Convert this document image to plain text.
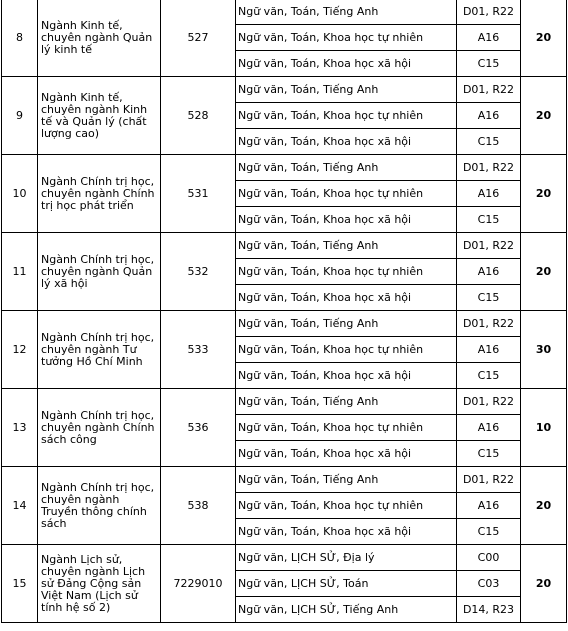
8	Ngành Kinh tế, chuyên ngành Quản lý kinh tế	527	Ngữ văn, Toán, Tiếng Anh	D01, R22	20
			Ngữ văn, Toán, Khoa học tự nhiên	A16	
			Ngữ văn, Toán, Khoa học xã hội	C15	
9	Ngành Kinh tế, chuyên ngành Kinh tế và Quản lý (chất lượng cao)	528	Ngữ văn, Toán, Tiếng Anh	D01, R22	20
			Ngữ văn, Toán, Khoa học tự nhiên	A16	
			Ngữ văn, Toán, Khoa học xã hội	C15	
10	Ngành Chính trị học, chuyên ngành Chính trị học phát triển	531	Ngữ văn, Toán, Tiếng Anh	D01, R22	20
			Ngữ văn, Toán, Khoa học tự nhiên	A16	
			Ngữ văn, Toán, Khoa học xã hội	C15	
11	Ngành Chính trị học, chuyên ngành Quản lý xã hội	532	Ngữ văn, Toán, Tiếng Anh	D01, R22	20
			Ngữ văn, Toán, Khoa học tự nhiên	A16	
			Ngữ văn, Toán, Khoa học xã hội	C15	
12	Ngành Chính trị học, chuyên ngành Tư tưởng Hồ Chí Minh	533	Ngữ văn, Toán, Tiếng Anh	D01, R22	30
			Ngữ văn, Toán, Khoa học tự nhiên	A16	
			Ngữ văn, Toán, Khoa học xã hội	C15	
13	Ngành Chính trị học, chuyên ngành Chính sách công	536	Ngữ văn, Toán, Tiếng Anh	D01, R22	10
			Ngữ văn, Toán, Khoa học tự nhiên	A16	
			Ngữ văn, Toán, Khoa học xã hội	C15	
14	Ngành Chính trị học, chuyên ngành Truyền thông chính sách	538	Ngữ văn, Toán, Tiếng Anh	D01, R22	20
			Ngữ văn, Toán, Khoa học tự nhiên	A16	
			Ngữ văn, Toán, Khoa học xã hội	C15	
15	Ngành Lịch sử, chuyên ngành Lịch sử Đảng Cộng sản Việt Nam (Lịch sử tính hệ số 2)	7229010	Ngữ văn, LỊCH SỬ, Địa lý	C00	20
			Ngữ văn, LỊCH SỬ, Toán	C03	
			Ngữ văn, LỊCH SỬ, Tiếng Anh	D14, R23	
